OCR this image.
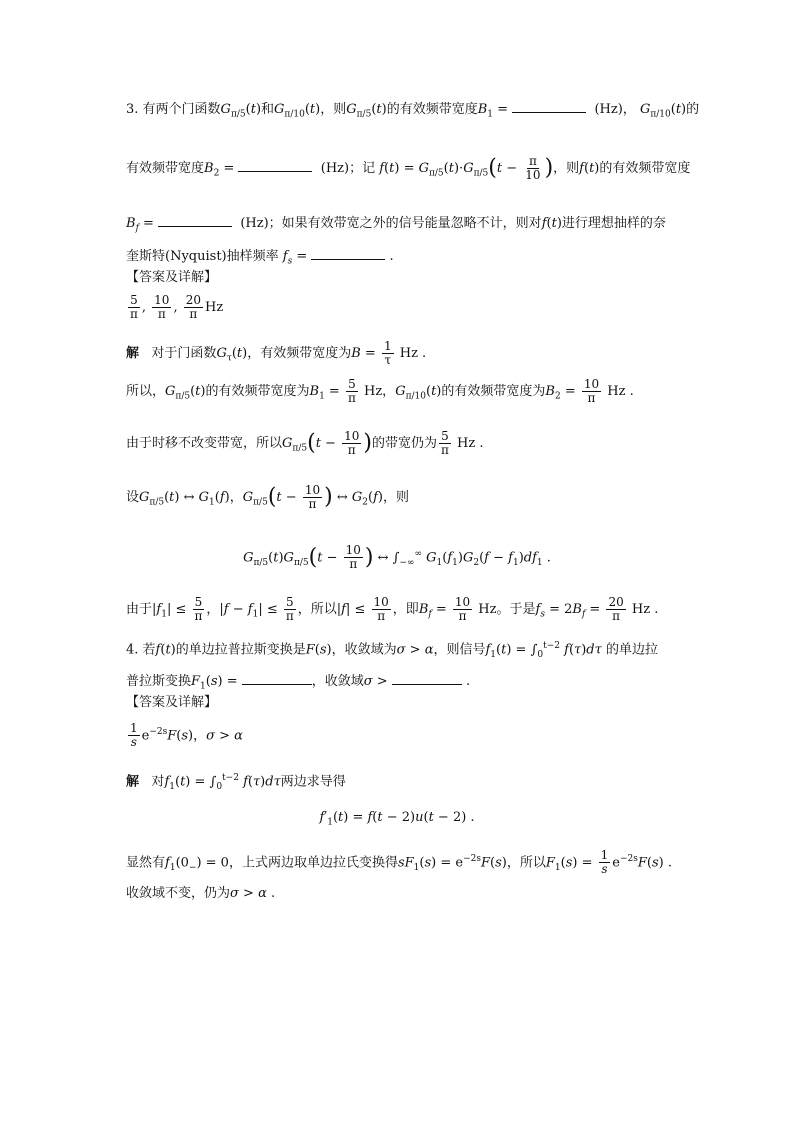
3. 有两个门函数$G_{\pi/5}(t)$和$G_{\pi/10}(t)$，则$G_{\pi/5}(t)$的有效频带宽度$B_1$ =	(Hz)， $G_{\pi/10}(t)$的
有效频带宽度$B_2$ =	(Hz)；记 $f(t) = G_{\pi/5}(t)\cdot G_{\pi/5}(t - \frac{\pi}{10}$ )，则f(t)的有效频带宽度
$B_f$ =	(Hz)；如果有效带宽之外的信号能量忽略不计，则对f(t)进行理想抽样的奈
奎斯特(Nyquist)抽样频率 $f_s$ =	.
【答案及详解】
$\frac{5}{\pi}$ , $\frac{10}{\pi}$ , $\frac{20}{\pi}$ Hz
解 对于门函数$G_\tau(t)$，有效频带宽度为$B = \frac{1}{\tau}$ Hz .
所以，$G_{\pi/5}(t)$的有效频带宽度为$B_1 = \frac{5}{\pi}$ Hz，$G_{\pi/10}(t)$的有效频带宽度为$B_2 = \frac{10}{\pi}$ Hz .
由于时移不改变带宽，所以$G_{\pi/5}(t - \frac{10}{\pi}$ )的带宽仍为 $\frac{5}{\pi}$ Hz .
设$G_{\pi/5}(t)$ ↔ $G_1(f)$，$G_{\pi/5}(t - \frac{10}{\pi}$ ) ↔ $G_2(f)$，则
$G_{\pi/5}(t)G_{\pi/5}(t - \frac{10}{\pi}$ ) ↔ $\int_{-\infty}^\infty$ $G_1(f_1)G_2(f - f_1)df_1$ .
由于$|f_1| \le \frac{5}{\pi}$ ，$|f - f_1| \le \frac{5}{\pi}$ ，所以$|f| \le \frac{10}{\pi}$ ，即$B_f = \frac{10}{\pi}$ Hz。于是$f_s = 2B_f = \frac{20}{\pi}$ Hz .
4. 若f(t)的单边拉普拉斯变换是F(s)，收敛域为σ > α，则信号$f_1(t) = \int_0^{t-2}$ f(τ)dτ 的单边拉
普拉斯变换$F_1(s)$ =	，收敛域σ >	.
【答案及详解】
$\frac{1}{s} e^{-2s}F(s)$，σ > α
解 对$f_1(t) = \int_0^{t-2}$ f(τ)dτ两边求导得
$f'_1(t) = f(t - 2)u(t - 2)$ .
显然有$f_1(0_-) = 0$，上式两边取单边拉氏变换得$sF_1(s) = e^{-2s}F(s)$，所以$F_1(s) = \frac{1}{s} e^{-2s}F(s)$ .
收敛域不变，仍为σ > α .
